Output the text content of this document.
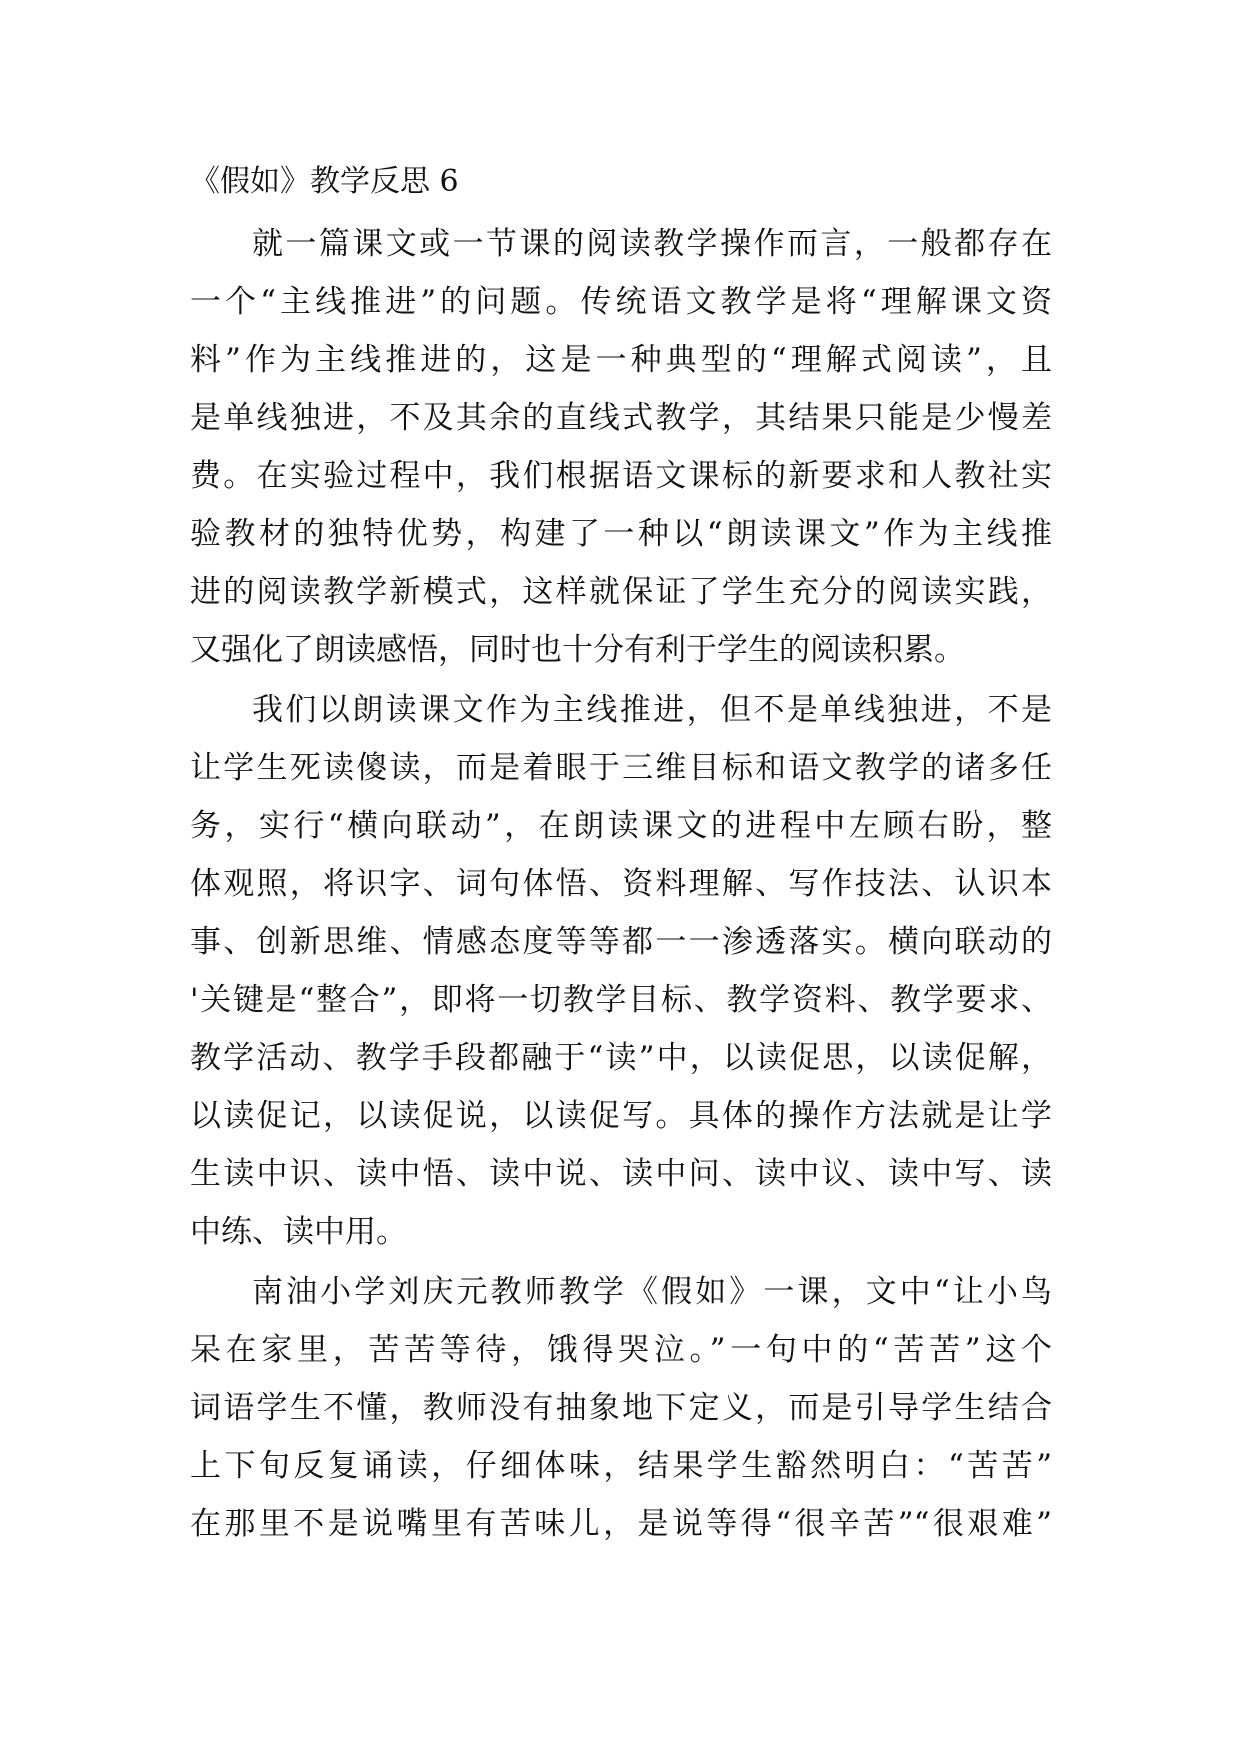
《假如》教学反思 6
就一篇课文或一节课的阅读教学操作而言，一般都存在
一个“主线推进”的问题。传统语文教学是将“理解课文资
料”作为主线推进的，这是一种典型的“理解式阅读”，且
是单线独进，不及其余的直线式教学，其结果只能是少慢差
费。在实验过程中，我们根据语文课标的新要求和人教社实
验教材的独特优势，构建了一种以“朗读课文”作为主线推
进的阅读教学新模式，这样就保证了学生充分的阅读实践，
又强化了朗读感悟，同时也十分有利于学生的阅读积累。
我们以朗读课文作为主线推进，但不是单线独进，不是
让学生死读傻读，而是着眼于三维目标和语文教学的诸多任
务，实行“横向联动”，在朗读课文的进程中左顾右盼，整
体观照，将识字、词句体悟、资料理解、写作技法、认识本
事、创新思维、情感态度等等都一一渗透落实。横向联动的
'关键是“整合”，即将一切教学目标、教学资料、教学要求、
教学活动、教学手段都融于“读”中，以读促思，以读促解，
以读促记，以读促说，以读促写。具体的操作方法就是让学
生读中识、读中悟、读中说、读中问、读中议、读中写、读
中练、读中用。
南油小学刘庆元教师教学《假如》一课，文中“让小鸟
呆在家里，苦苦等待，饿得哭泣。”一句中的“苦苦”这个
词语学生不懂，教师没有抽象地下定义，而是引导学生结合
上下旬反复诵读，仔细体味，结果学生豁然明白：“苦苦”
在那里不是说嘴里有苦味儿，是说等得“很辛苦”“很艰难”
